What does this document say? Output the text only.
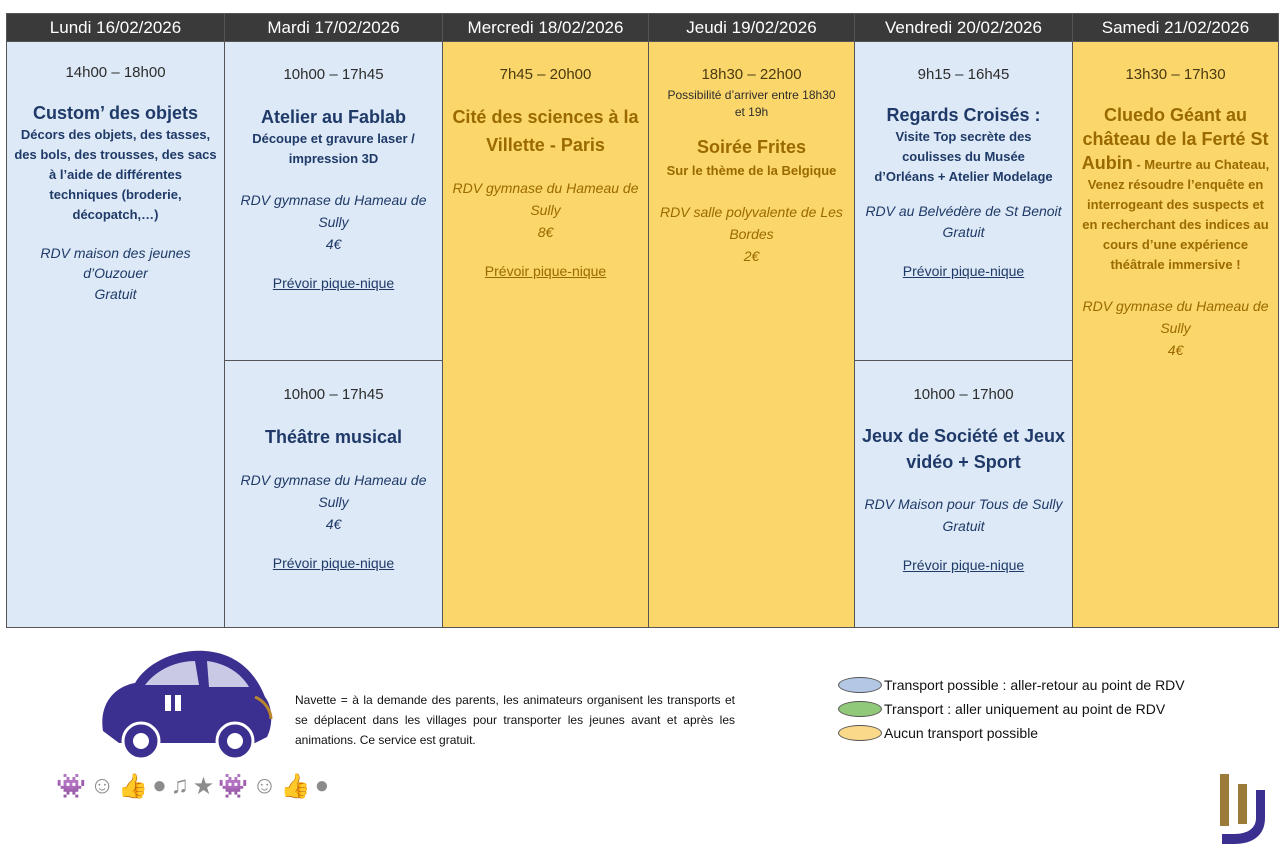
Lundi 16/02/2026
14h00 – 18h00
Custom’ des objets
Décors des objets, des tasses, des bols, des trousses, des sacs à l’aide de différentes techniques (broderie, décopatch,…)
RDV maison des jeunes d’Ouzouer
Gratuit
Mardi 17/02/2026
10h00 – 17h45
Atelier au Fablab
Découpe et gravure laser / impression 3D
RDV gymnase du Hameau de Sully
4€
Prévoir pique-nique
10h00 – 17h45
Théâtre musical
RDV gymnase du Hameau de Sully
4€
Prévoir pique-nique
Mercredi 18/02/2026
7h45 – 20h00
Cité des sciences à la Villette - Paris
RDV gymnase du Hameau de Sully
8€
Prévoir pique-nique
Jeudi 19/02/2026
18h30 – 22h00
Possibilité d’arriver entre 18h30 et 19h
Soirée Frites
Sur le thème de la Belgique
RDV salle polyvalente de Les Bordes
2€
Vendredi 20/02/2026
9h15 – 16h45
Regards Croisés :
Visite Top secrète des coulisses du Musée d’Orléans + Atelier Modelage
RDV au Belvédère de St Benoit
Gratuit
Prévoir pique-nique
10h00 – 17h00
Jeux de Société et Jeux vidéo + Sport
RDV Maison pour Tous de Sully
Gratuit
Prévoir pique-nique
Samedi 21/02/2026
13h30 – 17h30
Cluedo Géant au château de la Ferté St Aubin - Meurtre au Chateau, Venez résoudre l’enquête en interrogeant des suspects et en recherchant des indices au cours d’une expérience théâtrale immersive !
RDV gymnase du Hameau de Sully
4€
Navette = à la demande des parents, les animateurs organisent les transports et se déplacent dans les villages pour transporter les jeunes avant et après les animations. Ce service est gratuit.
Transport possible : aller-retour au point de RDV
Transport : aller uniquement au point de RDV
Aucun transport possible
👾 ☺ 👍 ● ♫ ★ 👾 ☺ 👍 ●
